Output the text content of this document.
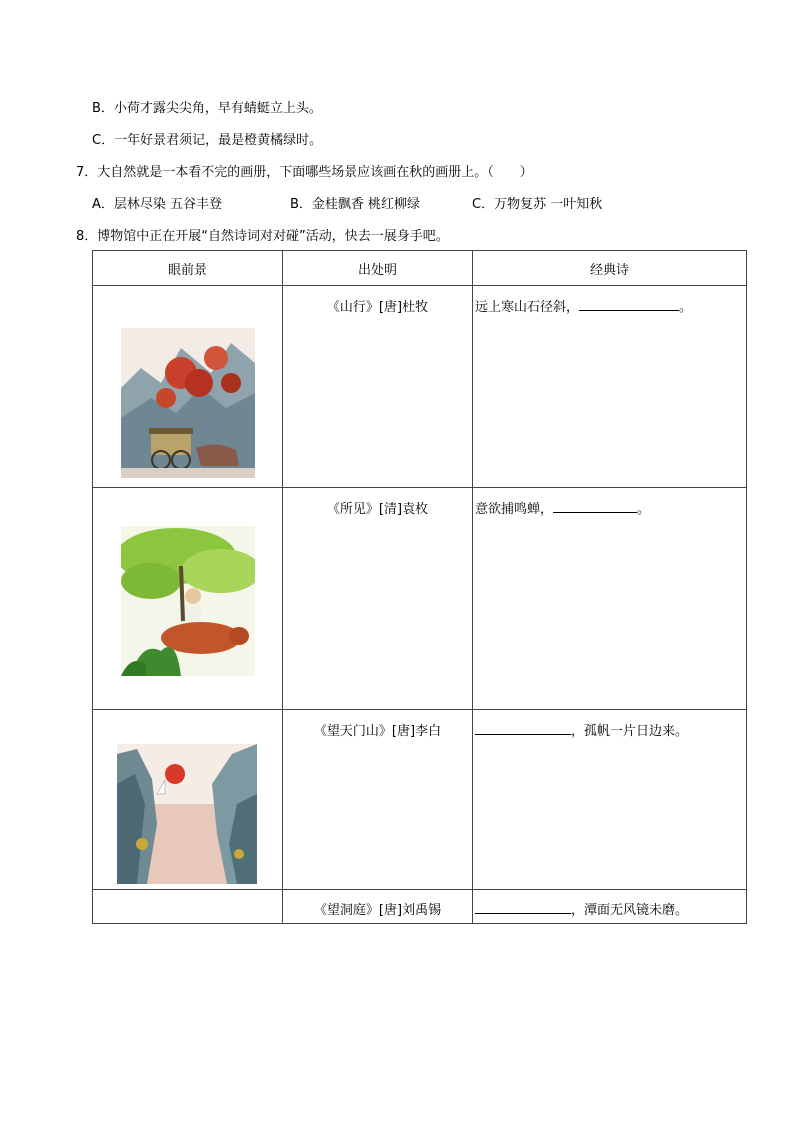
B．小荷才露尖尖角，早有蜻蜓立上头。
C．一年好景君须记，最是橙黄橘绿时。
7．大自然就是一本看不完的画册，下面哪些场景应该画在秋的画册上。（　　）
A．层林尽染 五谷丰登	B．金桂飘香 桃红柳绿	C．万物复苏 一叶知秋
8．博物馆中正在开展“自然诗词对对碰”活动，快去一展身手吧。
眼前景	出处明	经典诗

	《山行》[唐]杜牧	远上寒山石径斜， 。

	《所见》[清]袁枚	意欲捕鸣蝉， 。

	《望天门山》[唐]李白	，孤帆一片日边来。
	《望洞庭》[唐]刘禹锡	，潭面无风镜未磨。
